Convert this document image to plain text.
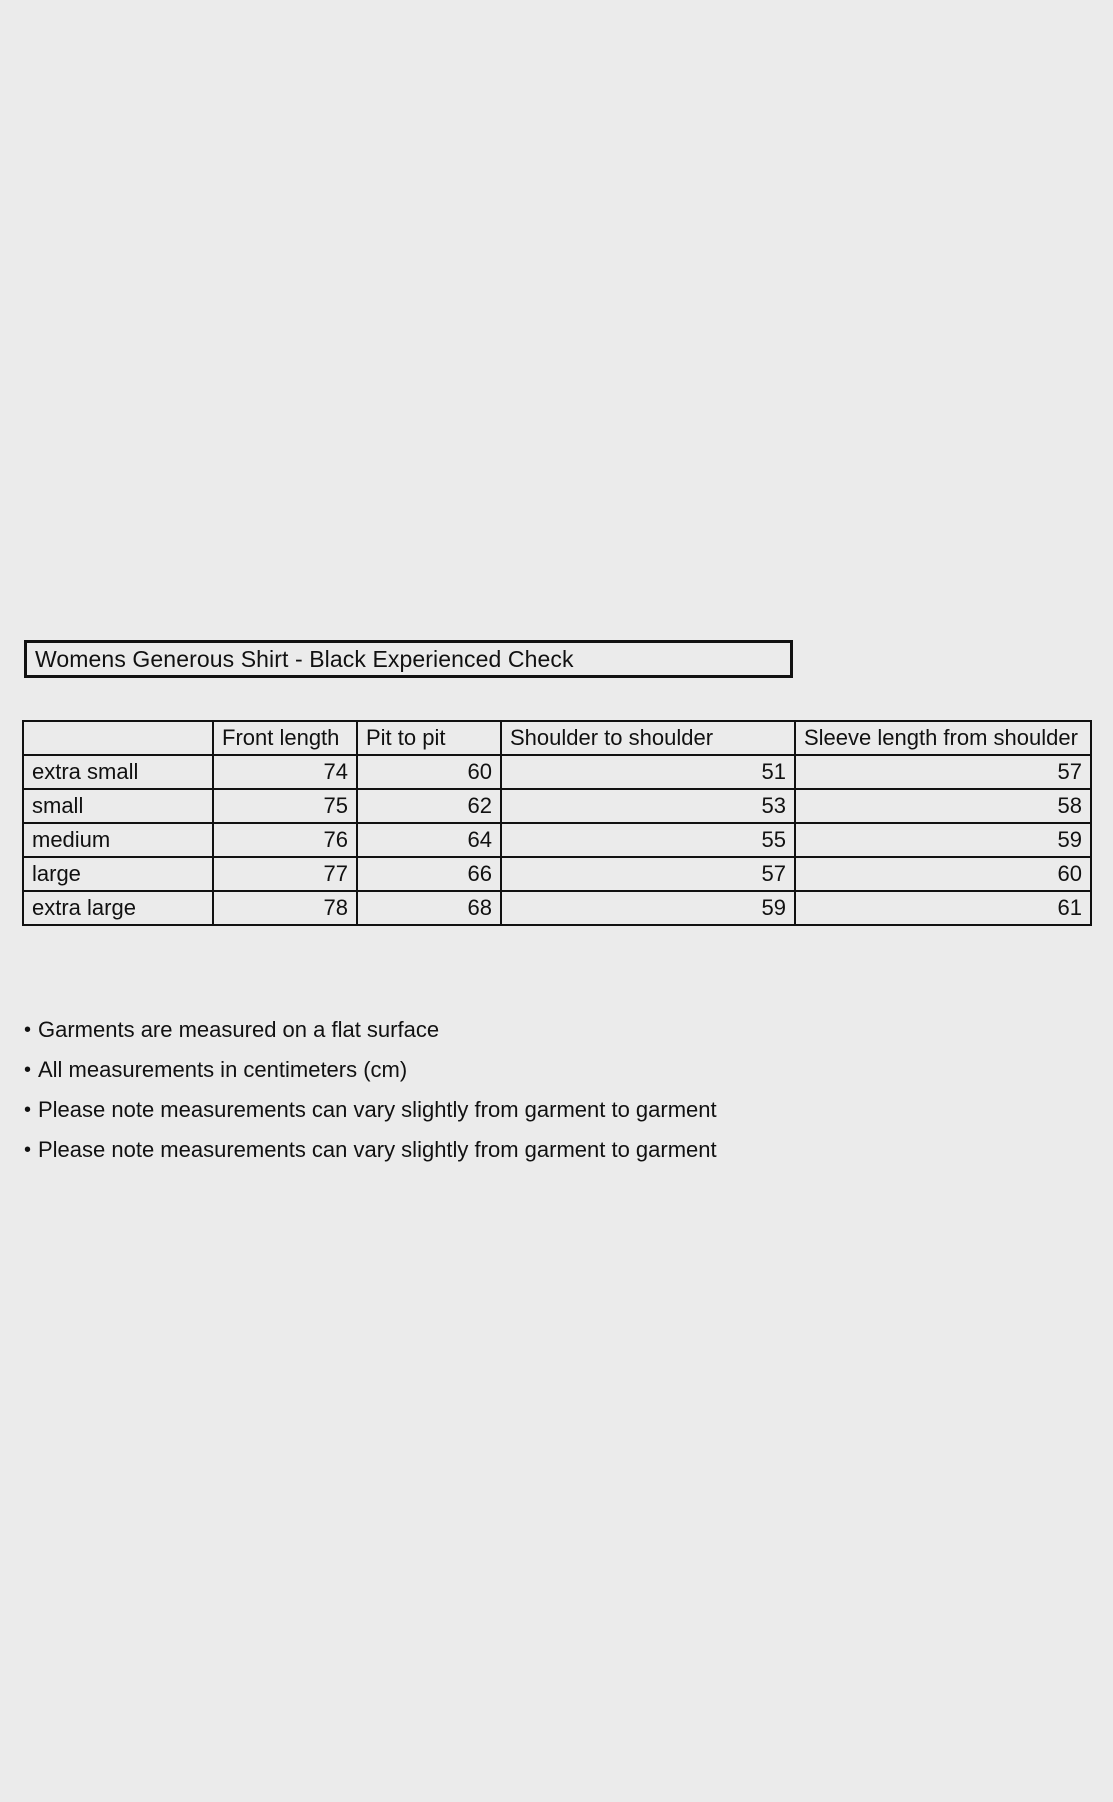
Womens Generous Shirt - Black Experienced Check
	Front length	Pit to pit	Shoulder to shoulder	Sleeve length from shoulder
extra small	74	60	51	57
small	75	62	53	58
medium	76	64	55	59
large	77	66	57	60
extra large	78	68	59	61
• Garments are measured on a flat surface
• All measurements in centimeters (cm)
• Please note measurements can vary slightly from garment to garment
• Please note measurements can vary slightly from garment to garment
